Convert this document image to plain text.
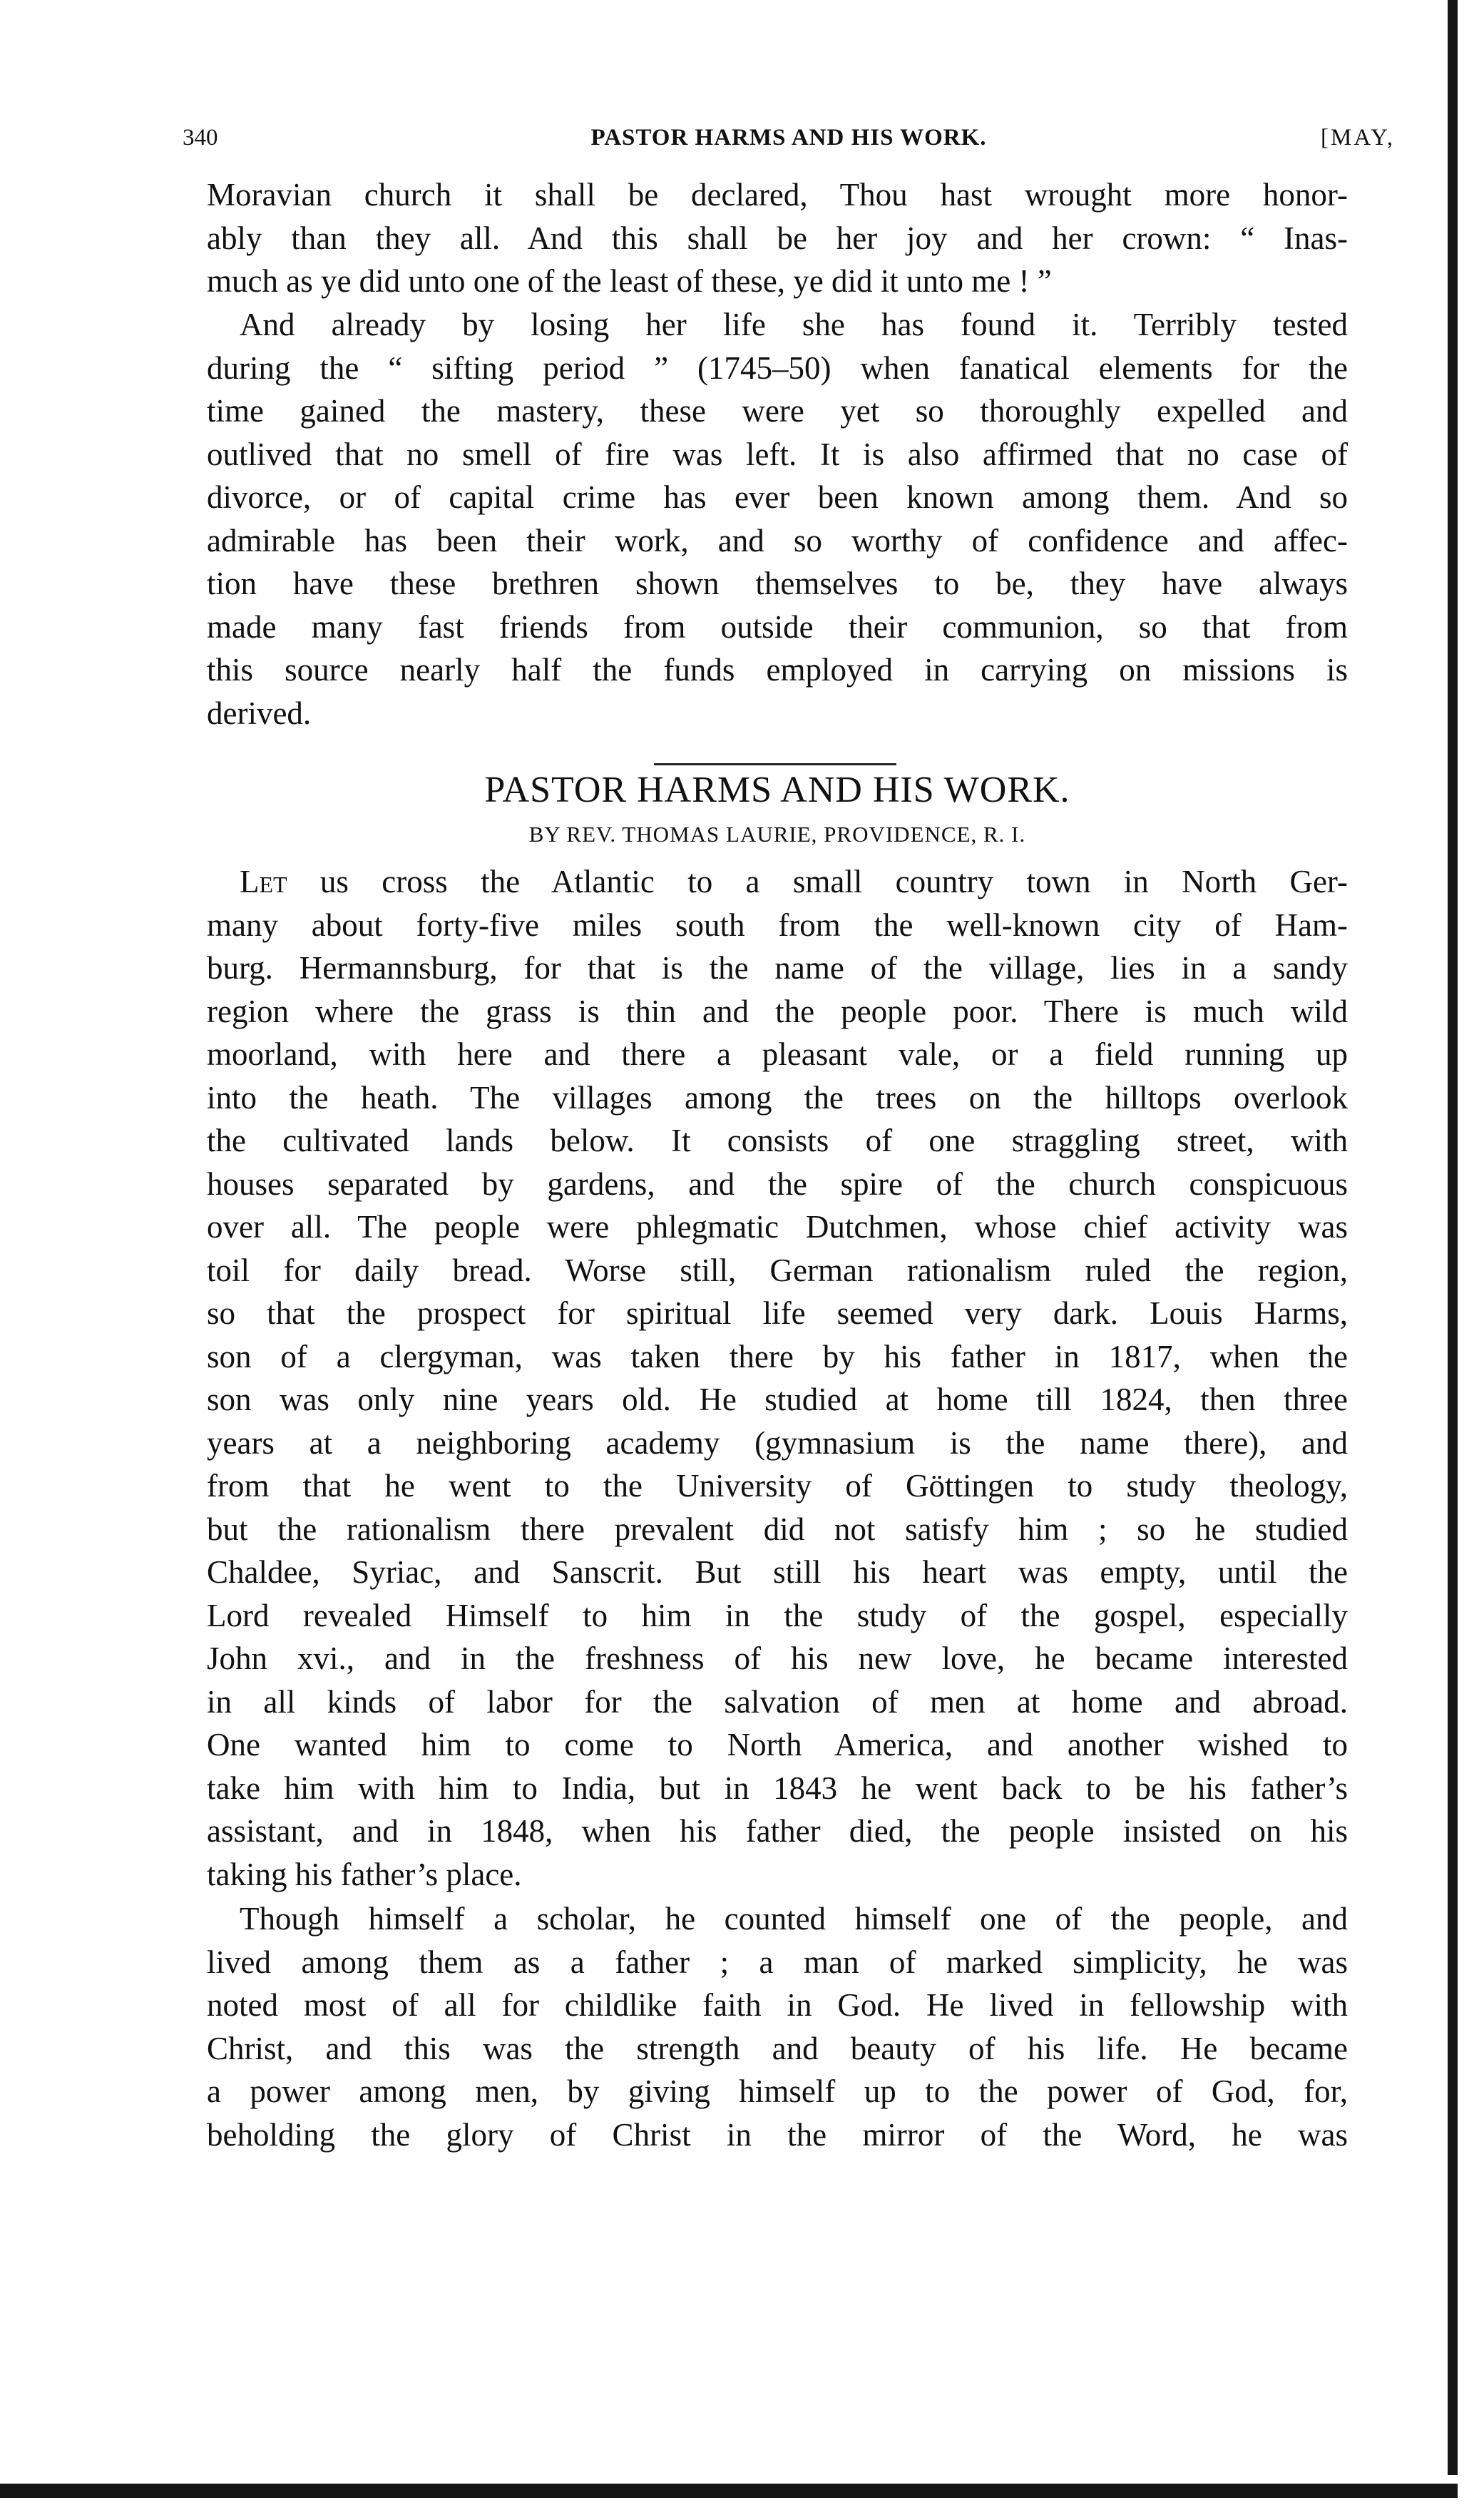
340	PASTOR HARMS AND HIS WORK.	[MAY,
Moravian church it shall be declared, Thou hast wrought more honor-
ably than they all. And this shall be her joy and her crown: “ Inas-
much as ye did unto one of the least of these, ye did it unto me ! ”
And already by losing her life she has found it. Terribly tested
during the “ sifting period ” (1745–50) when fanatical elements for the
time gained the mastery, these were yet so thoroughly expelled and
outlived that no smell of fire was left. It is also affirmed that no case of
divorce, or of capital crime has ever been known among them. And so
admirable has been their work, and so worthy of confidence and affec-
tion have these brethren shown themselves to be, they have always
made many fast friends from outside their communion, so that from
this source nearly half the funds employed in carrying on missions is
derived.
PASTOR HARMS AND HIS WORK.
BY REV. THOMAS LAURIE, PROVIDENCE, R. I.
Let us cross the Atlantic to a small country town in North Ger-
many about forty-five miles south from the well-known city of Ham-
burg. Hermannsburg, for that is the name of the village, lies in a sandy
region where the grass is thin and the people poor. There is much wild
moorland, with here and there a pleasant vale, or a field running up
into the heath. The villages among the trees on the hilltops overlook
the cultivated lands below. It consists of one straggling street, with
houses separated by gardens, and the spire of the church conspicuous
over all. The people were phlegmatic Dutchmen, whose chief activity was
toil for daily bread. Worse still, German rationalism ruled the region,
so that the prospect for spiritual life seemed very dark. Louis Harms,
son of a clergyman, was taken there by his father in 1817, when the
son was only nine years old. He studied at home till 1824, then three
years at a neighboring academy (gymnasium is the name there), and
from that he went to the University of Göttingen to study theology,
but the rationalism there prevalent did not satisfy him ; so he studied
Chaldee, Syriac, and Sanscrit. But still his heart was empty, until the
Lord revealed Himself to him in the study of the gospel, especially
John xvi., and in the freshness of his new love, he became interested
in all kinds of labor for the salvation of men at home and abroad.
One wanted him to come to North America, and another wished to
take him with him to India, but in 1843 he went back to be his father’s
assistant, and in 1848, when his father died, the people insisted on his
taking his father’s place.
Though himself a scholar, he counted himself one of the people, and
lived among them as a father ; a man of marked simplicity, he was
noted most of all for childlike faith in God. He lived in fellowship with
Christ, and this was the strength and beauty of his life. He became
a power among men, by giving himself up to the power of God, for,
beholding the glory of Christ in the mirror of the Word, he was
